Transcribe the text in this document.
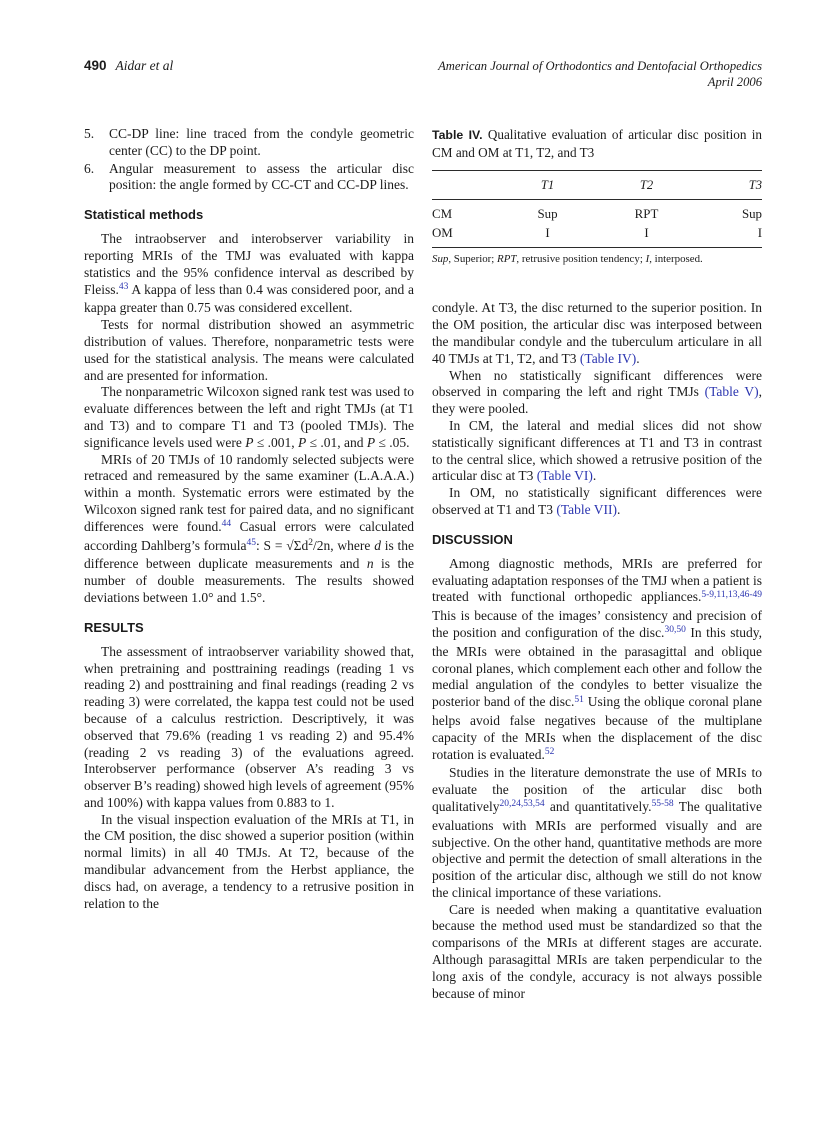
490 Aidar et al	American Journal of Orthodontics and Dentofacial Orthopedics
April 2006
5.	CC-DP line: line traced from the condyle geometric center (CC) to the DP point.
6.	Angular measurement to assess the articular disc position: the angle formed by CC-CT and CC-DP lines.
Statistical methods

The intraobserver and interobserver variability in reporting MRIs of the TMJ was evaluated with kappa statistics and the 95% confidence interval as described by Fleiss.$^{43}$ A kappa of less than 0.4 was considered poor, and a kappa greater than 0.75 was considered excellent.

Tests for normal distribution showed an asymmetric distribution of values. Therefore, nonparametric tests were used for the statistical analysis. The means were calculated and are presented for information.

The nonparametric Wilcoxon signed rank test was used to evaluate differences between the left and right TMJs (at T1 and T3) and to compare T1 and T3 (pooled TMJs). The significance levels used were P ≤ .001, P ≤ .01, and P ≤ .05.

MRIs of 20 TMJs of 10 randomly selected subjects were retraced and remeasured by the same examiner (L.A.A.A.) within a month. Systematic errors were estimated by the Wilcoxon signed rank test for paired data, and no significant differences were found.$^{44}$ Casual errors were calculated according Dahlberg’s formula$^{45}$: $S = √\Sigma d^2/2n$, where d is the difference between duplicate measurements and n is the number of double measurements. The results showed deviations between 1.0° and 1.5°.

RESULTS

The assessment of intraobserver variability showed that, when pretraining and posttraining readings (reading 1 vs reading 2) and posttraining and final readings (reading 2 vs reading 3) were correlated, the kappa test could not be used because of a calculus restriction. Descriptively, it was observed that 79.6% (reading 1 vs reading 2) and 95.4% (reading 2 vs reading 3) of the evaluations agreed. Interobserver performance (observer A’s reading 3 vs observer B’s reading) showed high levels of agreement (95% and 100%) with kappa values from 0.883 to 1.

In the visual inspection evaluation of the MRIs at T1, in the CM position, the disc showed a superior position (within normal limits) in all 40 TMJs. At T2, because of the mandibular advancement from the Herbst appliance, the discs had, on average, a tendency to a retrusive position in relation to the

Table IV. Qualitative evaluation of articular disc position in CM and OM at T1, T2, and T3
	T1	T2	T3
CM	Sup	RPT	Sup
OM	I	I	I
Sup, Superior; RPT, retrusive position tendency; I, interposed.

condyle. At T3, the disc returned to the superior position. In the OM position, the articular disc was interposed between the mandibular condyle and the tuberculum articulare in all 40 TMJs at T1, T2, and T3 (Table IV).

When no statistically significant differences were observed in comparing the left and right TMJs (Table V), they were pooled.

In CM, the lateral and medial slices did not show statistically significant differences at T1 and T3 in contrast to the central slice, which showed a retrusive position of the articular disc at T3 (Table VI).

In OM, no statistically significant differences were observed at T1 and T3 (Table VII).

DISCUSSION

Among diagnostic methods, MRIs are preferred for evaluating adaptation responses of the TMJ when a patient is treated with functional orthopedic appliances.$^{5-9,11,13,46-49}$ This is because of the images’ consistency and precision of the position and configuration of the disc.$^{30,50}$ In this study, the MRIs were obtained in the parasagittal and oblique coronal planes, which complement each other and follow the medial angulation of the condyles to better visualize the posterior band of the disc.$^{51}$ Using the oblique coronal plane helps avoid false negatives because of the multiplane capacity of the MRIs when the displacement of the disc rotation is evaluated.$^{52}$

Studies in the literature demonstrate the use of MRIs to evaluate the position of the articular disc both qualitatively$^{20,24,53,54}$ and quantitatively.$^{55-58}$ The qualitative evaluations with MRIs are performed visually and are subjective. On the other hand, quantitative methods are more objective and permit the detection of small alterations in the position of the articular disc, although we still do not know the clinical importance of these variations.

Care is needed when making a quantitative evaluation because the method used must be standardized so that the comparisons of the MRIs at different stages are accurate. Although parasagittal MRIs are taken perpendicular to the long axis of the condyle, accuracy is not always possible because of minor
